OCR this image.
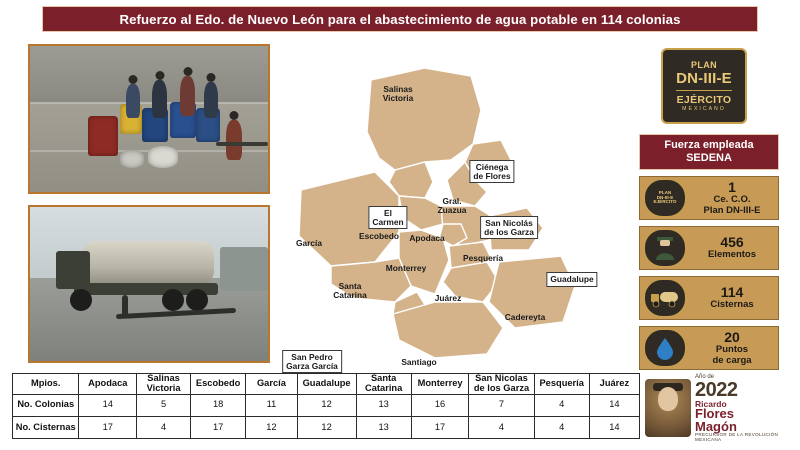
Refuerzo al Edo. de Nuevo León para el abastecimiento de agua potable en 114 colonias
Salinas
Victoria
Ciénega
de Flores
Gral.
Zuazua
El
Carmen
Escobedo Apodaca
San Nicolás
de los Garza
Pesquería
Guadalupe
García
Monterrey
Santa
Catarina	Juárez
Cadereyta
San Pedro
Garza García	Santiago
PLAN
DN-III-E
EJÉRCITO
MEXICANO
Fuerza empleada
SEDENA
PLAN
DN-III-E
EJÉRCITO
1
Ce. C.O.
Plan DN-III-E
456
Elementos
114
Cisternas
20
Puntos
de carga
Mpios.	Apodaca	Salinas Victoria	Escobedo	García	Guadalupe	Santa Catarina	Monterrey	San Nicolas de los Garza	Pesquería	Juárez
No. Colonias	14	5	18	11	12	13	16	7	4	14
No. Cisternas	17	4	17	12	12	13	17	4	4	14
Año de
2022
Ricardo
Flores
Magón
PRECURSOR DE LA REVOLUCIÓN MEXICANA
